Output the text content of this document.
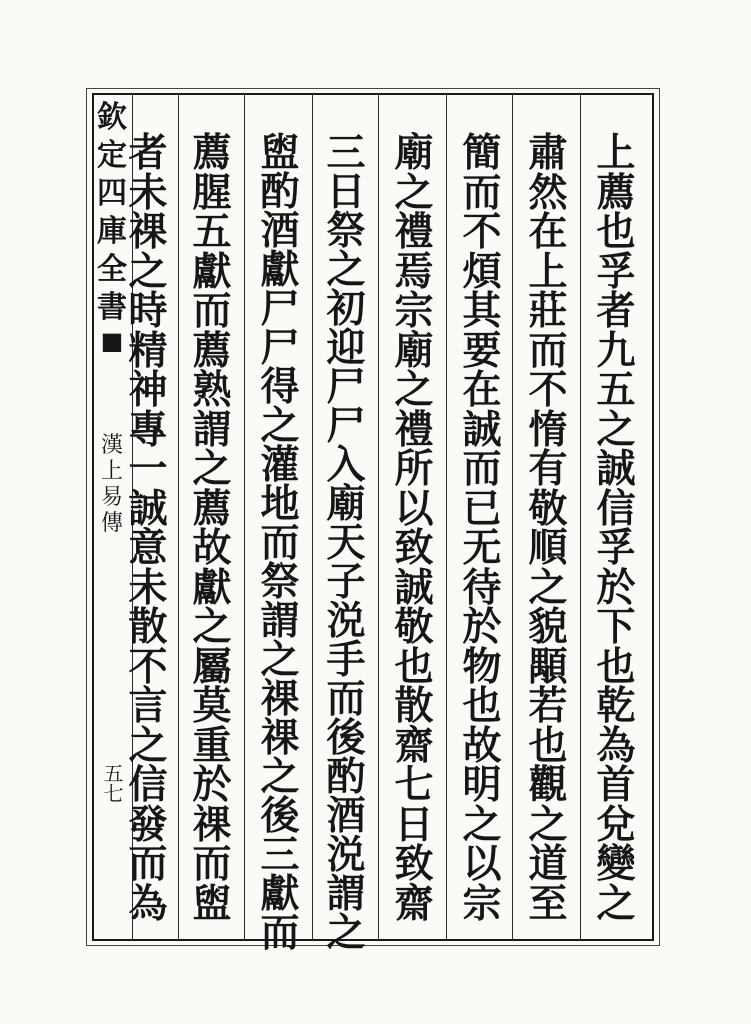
欽
定
四
庫
全
書
■
漢
上
易
傳
五七
上
薦
也
孚
者
九
五
之
誠
信
孚
於
下
也
乾
為
首
兌
變
之
肅
然
在
上
莊
而
不
惰
有
敬
順
之
貌
顒
若
也
觀
之
道
至
簡
而
不
煩
其
要
在
誠
而
已
无
待
於
物
也
故
明
之
以
宗
廟
之
禮
焉
宗
廟
之
禮
所
以
致
誠
敬
也
散
齋
七
日
致
齋
三
日
祭
之
初
迎
尸
尸
入
廟
天
子
涚
手
而
後
酌
酒
涚
謂
之
盥
酌
酒
獻
尸
尸
得
之
灌
地
而
祭
謂
之
祼
祼
之
後
三
獻
而
薦
腥
五
獻
而
薦
熟
謂
之
薦
故
獻
之
屬
莫
重
於
祼
而
盥
者
未
祼
之
時
精
神
專
一
誠
意
未
散
不
言
之
信
發
而
為
